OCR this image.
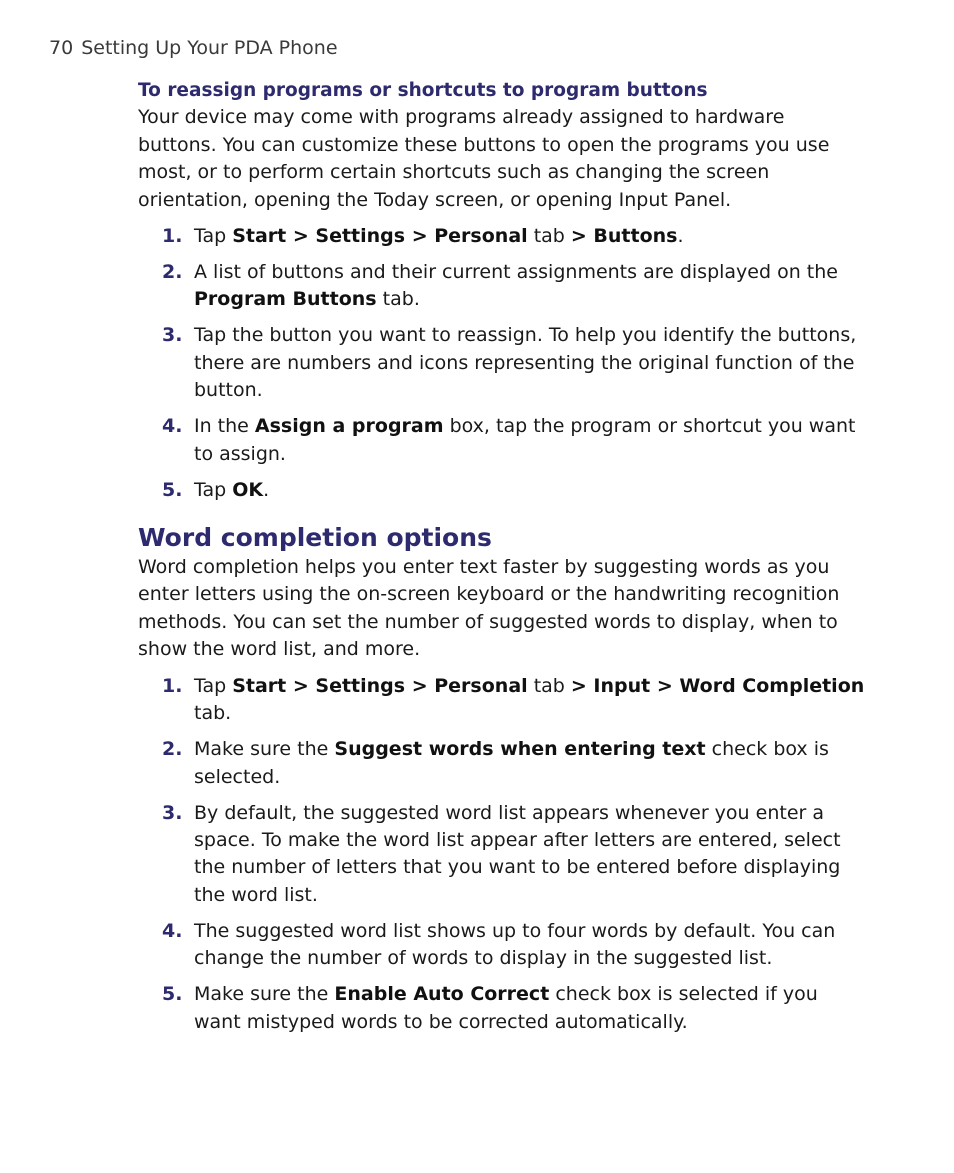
70 Setting Up Your PDA Phone

To reassign programs or shortcuts to program buttons

Your device may come with programs already assigned to hardware buttons. You can customize these buttons to open the programs you use most, or to perform certain shortcuts such as changing the screen orientation, opening the Today screen, or opening Input Panel.

1. Tap Start > Settings > Personal tab > Buttons.
2. A list of buttons and their current assignments are displayed on the Program Buttons tab.
3. Tap the button you want to reassign. To help you identify the buttons, there are numbers and icons representing the original function of the button.
4. In the Assign a program box, tap the program or shortcut you want to assign.
5. Tap OK.
Word completion options

Word completion helps you enter text faster by suggesting words as you enter letters using the on-screen keyboard or the handwriting recognition methods. You can set the number of suggested words to display, when to show the word list, and more.

1. Tap Start > Settings > Personal tab > Input > Word Completion tab.
2. Make sure the Suggest words when entering text check box is selected.
3. By default, the suggested word list appears whenever you enter a space. To make the word list appear after letters are entered, select the number of letters that you want to be entered before displaying the word list.
4. The suggested word list shows up to four words by default. You can change the number of words to display in the suggested list.
5. Make sure the Enable Auto Correct check box is selected if you want mistyped words to be corrected automatically.
